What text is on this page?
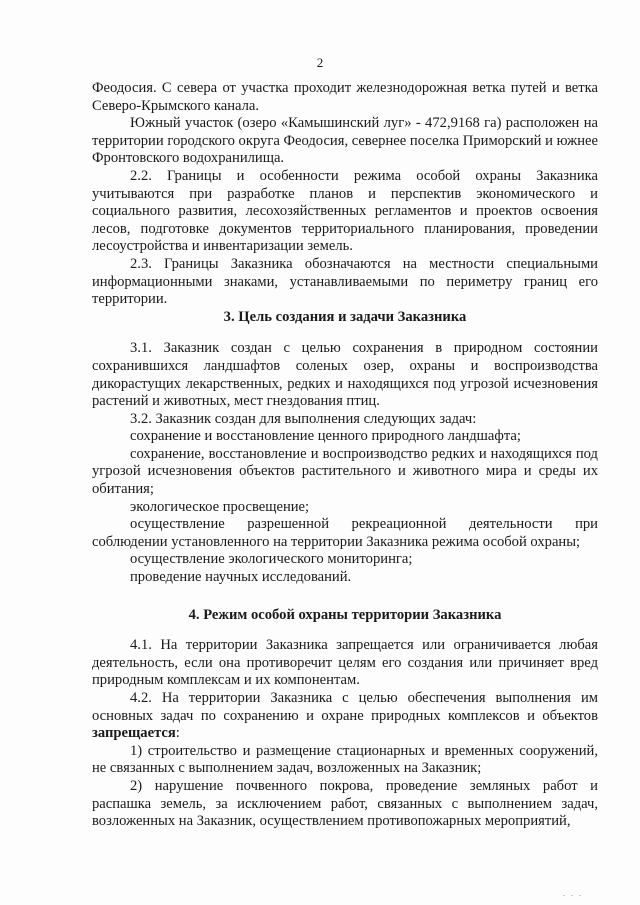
2

Феодосия. С севера от участка проходит железнодорожная ветка путей и ветка Северо-Крымского канала.

Южный участок (озеро «Камышинский луг» - 472,9168 га) расположен на территории городского округа Феодосия, севернее поселка Приморский и южнее Фронтовского водохранилища.

2.2. Границы и особенности режима особой охраны Заказника учитываются при разработке планов и перспектив экономического и социального развития, лесохозяйственных регламентов и проектов освоения лесов, подготовке документов территориального планирования, проведении лесоустройства и инвентаризации земель.

2.3. Границы Заказника обозначаются на местности специальными информационными знаками, устанавливаемыми по периметру границ его территории.

3. Цель создания и задачи Заказника

3.1. Заказник создан с целью сохранения в природном состоянии сохранившихся ландшафтов соленых озер, охраны и воспроизводства дикорастущих лекарственных, редких и находящихся под угрозой исчезновения растений и животных, мест гнездования птиц.

3.2. Заказник создан для выполнения следующих задач:

сохранение и восстановление ценного природного ландшафта;

сохранение, восстановление и воспроизводство редких и находящихся под угрозой исчезновения объектов растительного и животного мира и среды их обитания;

экологическое просвещение;

осуществление разрешенной рекреационной деятельности при соблюдении установленного на территории Заказника режима особой охраны;

осуществление экологического мониторинга;

проведение научных исследований.

4. Режим особой охраны территории Заказника

4.1. На территории Заказника запрещается или ограничивается любая деятельность, если она противоречит целям его создания или причиняет вред природным комплексам и их компонентам.

4.2. На территории Заказника с целью обеспечения выполнения им основных задач по сохранению и охране природных комплексов и объектов запрещается:

1) строительство и размещение стационарных и временных сооружений, не связанных с выполнением задач, возложенных на Заказник;

2) нарушение почвенного покрова, проведение земляных работ и распашка земель, за исключением работ, связанных с выполнением задач, возложенных на Заказник, осуществлением противопожарных мероприятий,

. . .
